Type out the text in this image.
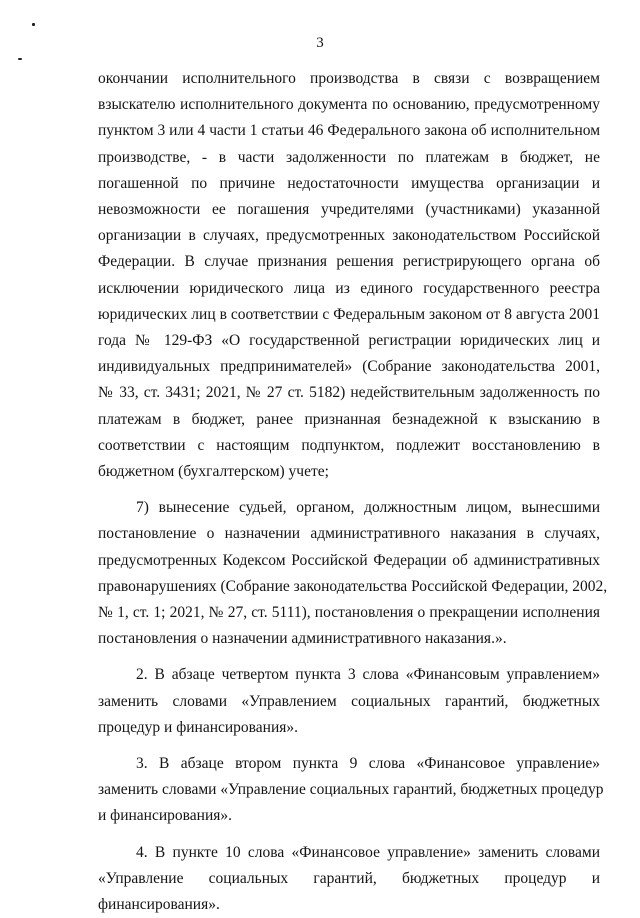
3
окончании исполнительного производства в связи с возвращением
взыскателю исполнительного документа по основанию, предусмотренному
пунктом 3 или 4 части 1 статьи 46 Федерального закона об исполнительном
производстве, - в части задолженности по платежам в бюджет, не
погашенной по причине недостаточности имущества организации и
невозможности ее погашения учредителями (участниками) указанной
организации в случаях, предусмотренных законодательством Российской
Федерации. В случае признания решения регистрирующего органа об
исключении юридического лица из единого государственного реестра
юридических лиц в соответствии с Федеральным законом от 8 августа 2001
года № 129-ФЗ «О государственной регистрации юридических лиц и
индивидуальных предпринимателей» (Собрание законодательства 2001,
№ 33, ст. 3431; 2021, № 27 ст. 5182) недействительным задолженность по
платежам в бюджет, ранее признанная безнадежной к взысканию в
соответствии с настоящим подпунктом, подлежит восстановлению в
бюджетном (бухгалтерском) учете;
7) вынесение судьей, органом, должностным лицом, вынесшими
постановление о назначении административного наказания в случаях,
предусмотренных Кодексом Российской Федерации об административных
правонарушениях (Собрание законодательства Российской Федерации, 2002,
№ 1, ст. 1; 2021, № 27, ст. 5111), постановления о прекращении исполнения
постановления о назначении административного наказания.».
2. В абзаце четвертом пункта 3 слова «Финансовым управлением»
заменить словами «Управлением социальных гарантий, бюджетных
процедур и финансирования».
3. В абзаце втором пункта 9 слова «Финансовое управление»
заменить словами «Управление социальных гарантий, бюджетных процедур
и финансирования».
4. В пункте 10 слова «Финансовое управление» заменить словами
«Управление социальных гарантий, бюджетных процедур и
финансирования».
